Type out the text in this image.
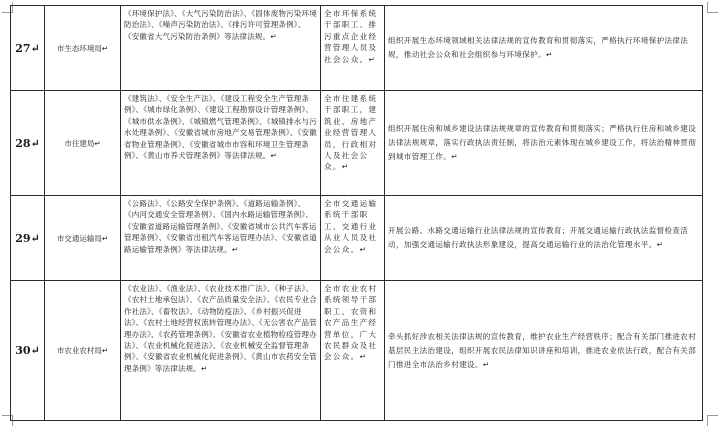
27↵	市生态环境局↵	《环境保护法》、《大气污染防治法》、《固体废物污染环境防治法》、《噪声污染防治法》、《排污许可管理条例》、《安徽省大气污染防治条例》等法律法规。↵	全市环保系统干部职工、排污重点企业经营管理人员及社会公众。↵	组织开展生态环境领域相关法律法规的宣传教育和贯彻落实，严格执行环境保护法律法规，推动社会公众和社会组织参与环境保护。↵
28↵	市住建局↵	《建筑法》、《安全生产法》、《建设工程安全生产管理条例》、《城市绿化条例》、《建设工程勘察设计管理条例》、《城市供水条例》、《城镇燃气管理条例》、《城镇排水与污水处理条例》、《安徽省城市房地产交易管理条例》、《安徽省物业管理条例》、《安徽省城市市容和环境卫生管理条例》、《黄山市养犬管理条例》等法律法规。↵	全市住建系统干部职工，建筑业、房地产业经营管理人员，行政相对人及社会公众。↵	组织开展住房和城乡建设法律法规规章的宣传教育和贯彻落实；严格执行住房和城乡建设法律法规规章，落实行政执法责任制，将法治元素体现在城乡建设工作，将法治精神贯彻到城市管理工作。↵
29↵	市交通运输局↵	《公路法》、《公路安全保护条例》、《道路运输条例》、《内河交通安全管理条例》、《国内水路运输管理条例》、《安徽省道路运输管理条例》、《安徽省城市公共汽车客运管理条例》、《安徽省出租汽车客运管理办法》、《安徽省道路运输管理条例》等法律法规。↵	全市交通运输系统干部职工、交通行业从业人员及社会公众。↵	开展公路、水路交通运输行业法律法规的宣传教育；开展交通运输行政执法监督检查活动，加强交通运输行政执法形象建设，提高交通运输行业的法治化管理水平。↵
30↵	市农业农村局↵	《农业法》、《渔业法》、《农业技术推广法》、《种子法》、《农村土地承包法》、《农产品质量安全法》、《农民专业合作社法》、《畜牧法》、《动物防疫法》、《乡村振兴促进法》、《农村土地经营权流转管理办法》、《无公害农产品管理办法》、《农药管理条例》、《安徽省农业植物检疫管理办法》、《农业机械化促进法》、《农业机械安全监督管理条例》、《安徽省农业机械化促进条例》、《黄山市农药安全管理条例》等法律法规。↵	全市农业农村系统领导干部职工，农资和农产品生产经营单位，广大农民群众及社会公众。↵	牵头抓好涉农相关法律法规的宣传教育，维护农业生产经营秩序；配合有关部门推进农村基层民主法治建设，组织开展农民法律知识讲座和培训，推进农业依法行政，配合有关部门推进全市法治乡村建设。↵
